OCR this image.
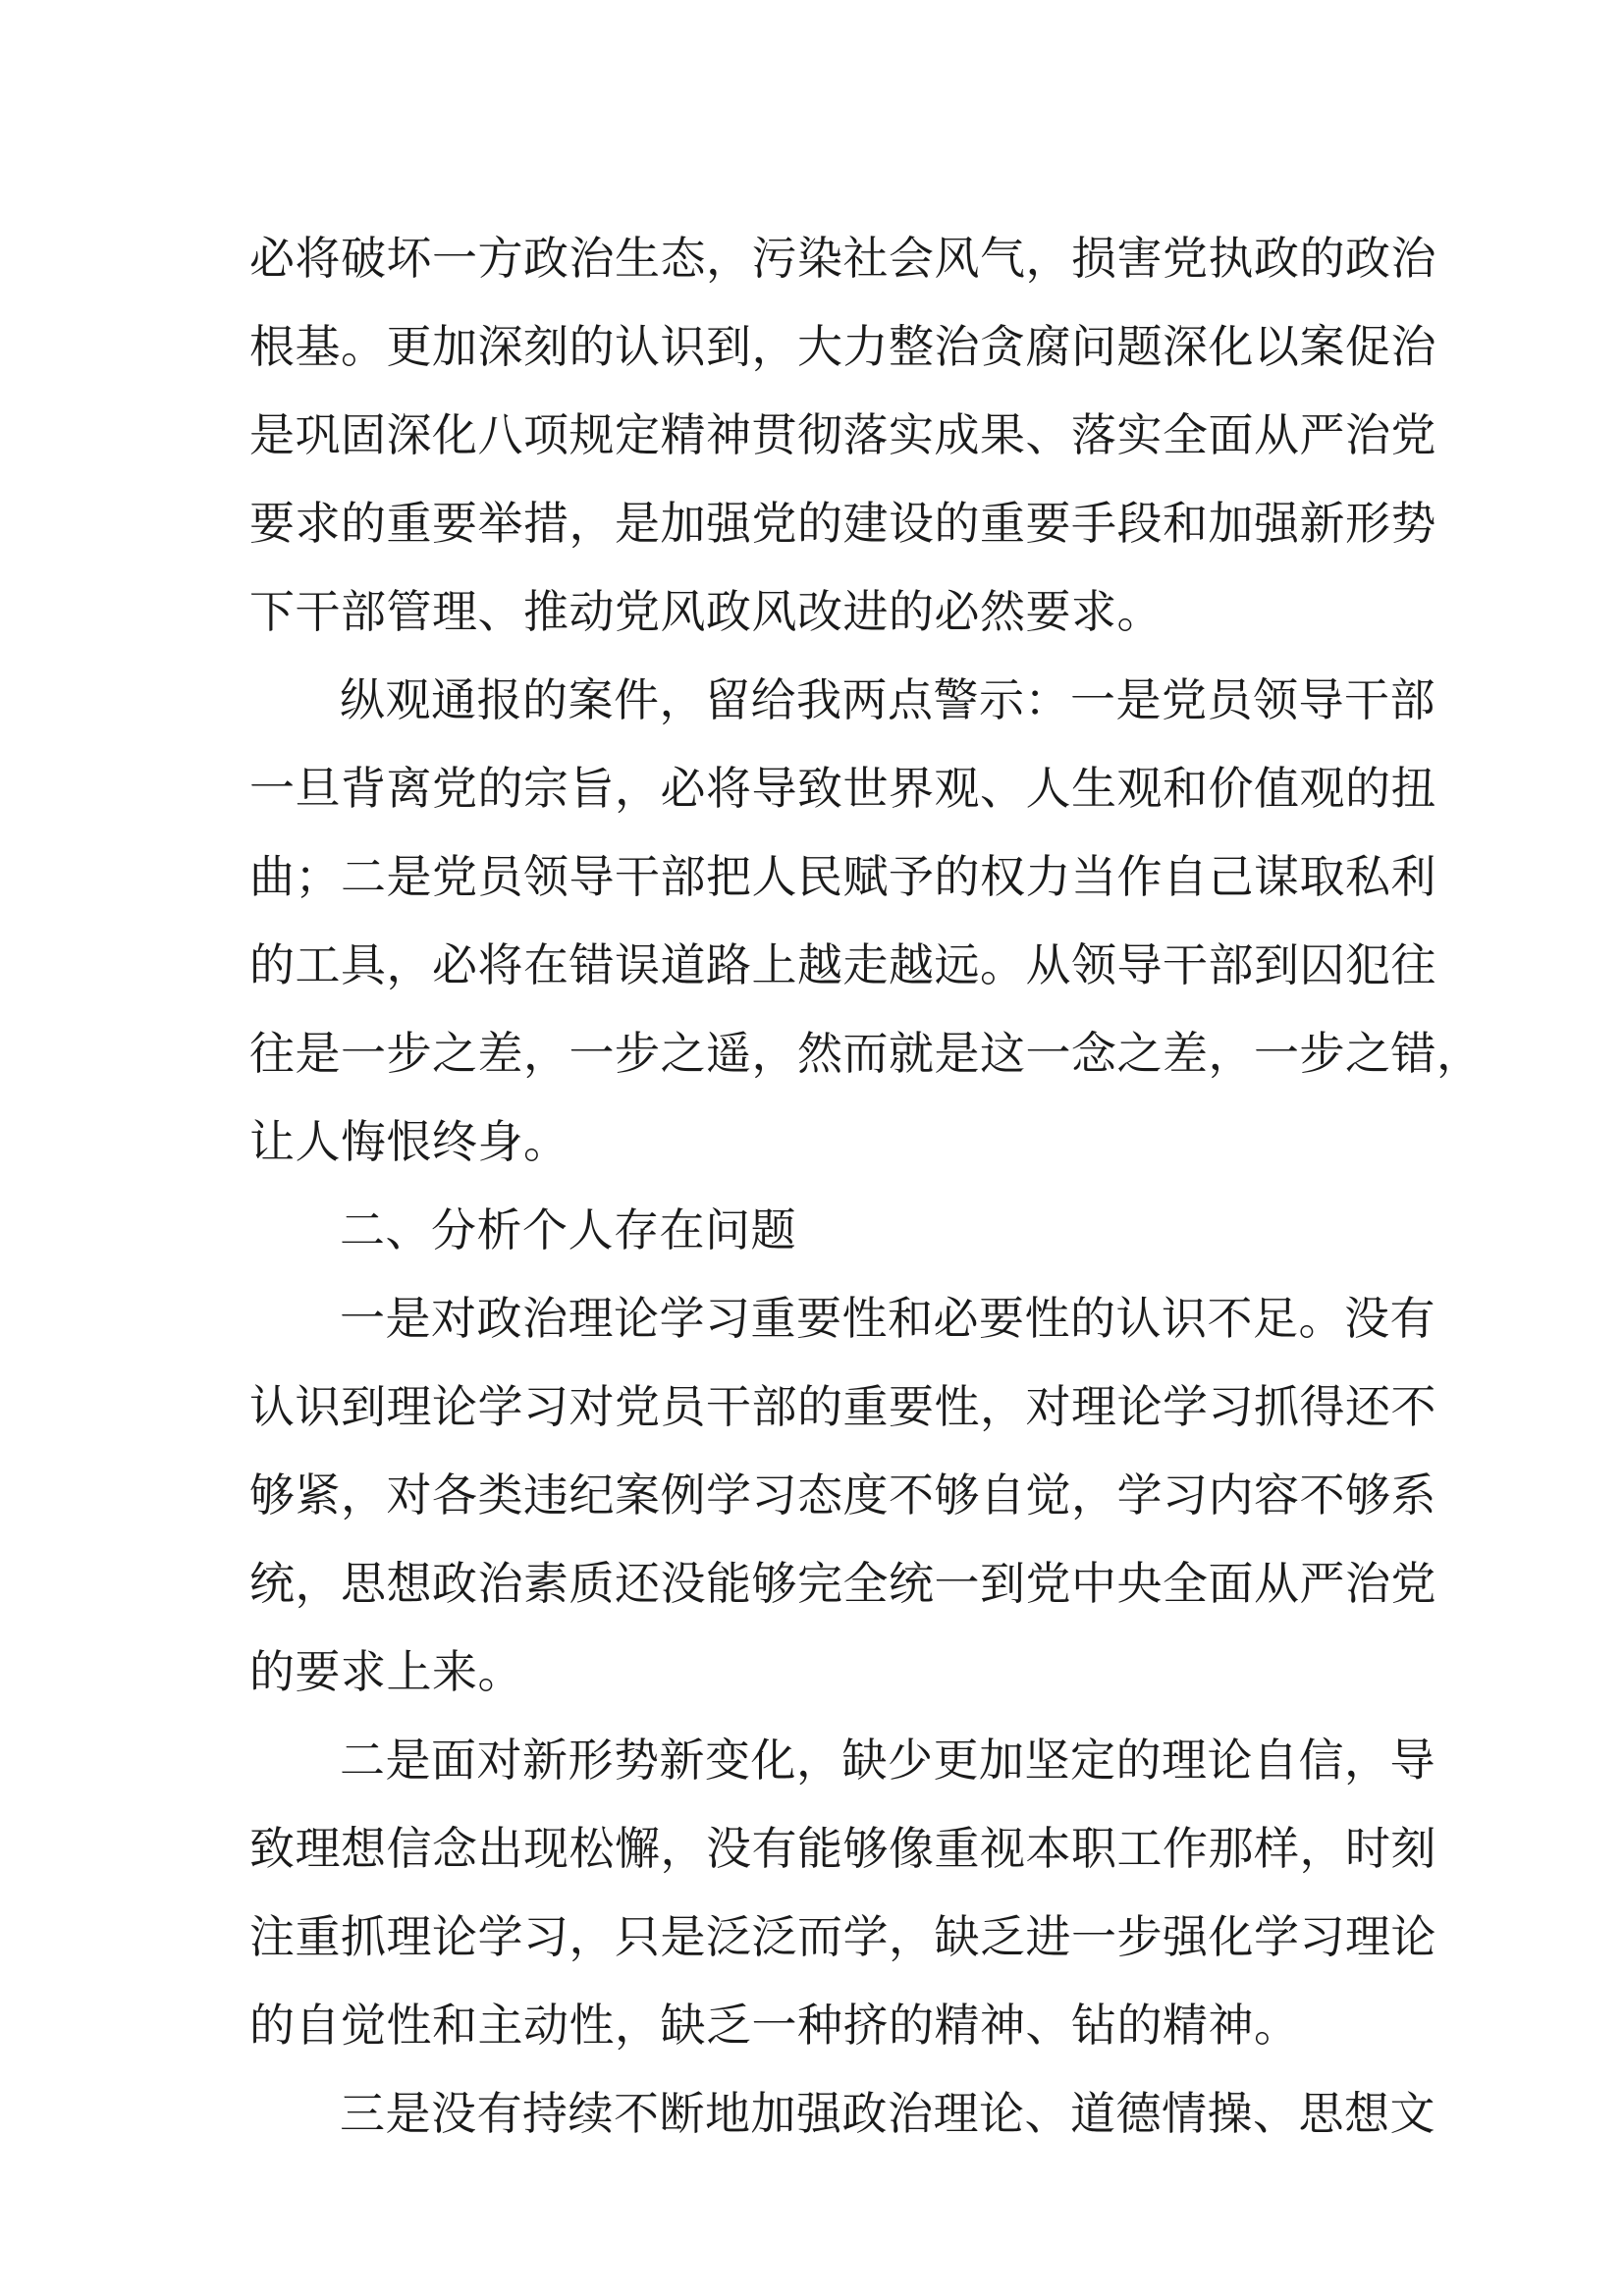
必将破坏一方政治生态，污染社会风气，损害党执政的政治
根基。更加深刻的认识到，大力整治贪腐问题深化以案促治
是巩固深化八项规定精神贯彻落实成果、落实全面从严治党
要求的重要举措，是加强党的建设的重要手段和加强新形势
下干部管理、推动党风政风改进的必然要求。
纵观通报的案件，留给我两点警示：一是党员领导干部
一旦背离党的宗旨，必将导致世界观、人生观和价值观的扭
曲；二是党员领导干部把人民赋予的权力当作自己谋取私利
的工具，必将在错误道路上越走越远。从领导干部到囚犯往
往是一步之差，一步之遥，然而就是这一念之差，一步之错，
让人悔恨终身。
二、分析个人存在问题
一是对政治理论学习重要性和必要性的认识不足。没有
认识到理论学习对党员干部的重要性，对理论学习抓得还不
够紧，对各类违纪案例学习态度不够自觉，学习内容不够系
统，思想政治素质还没能够完全统一到党中央全面从严治党
的要求上来。
二是面对新形势新变化，缺少更加坚定的理论自信，导
致理想信念出现松懈，没有能够像重视本职工作那样，时刻
注重抓理论学习，只是泛泛而学，缺乏进一步强化学习理论
的自觉性和主动性，缺乏一种挤的精神、钻的精神。
三是没有持续不断地加强政治理论、道德情操、思想文
